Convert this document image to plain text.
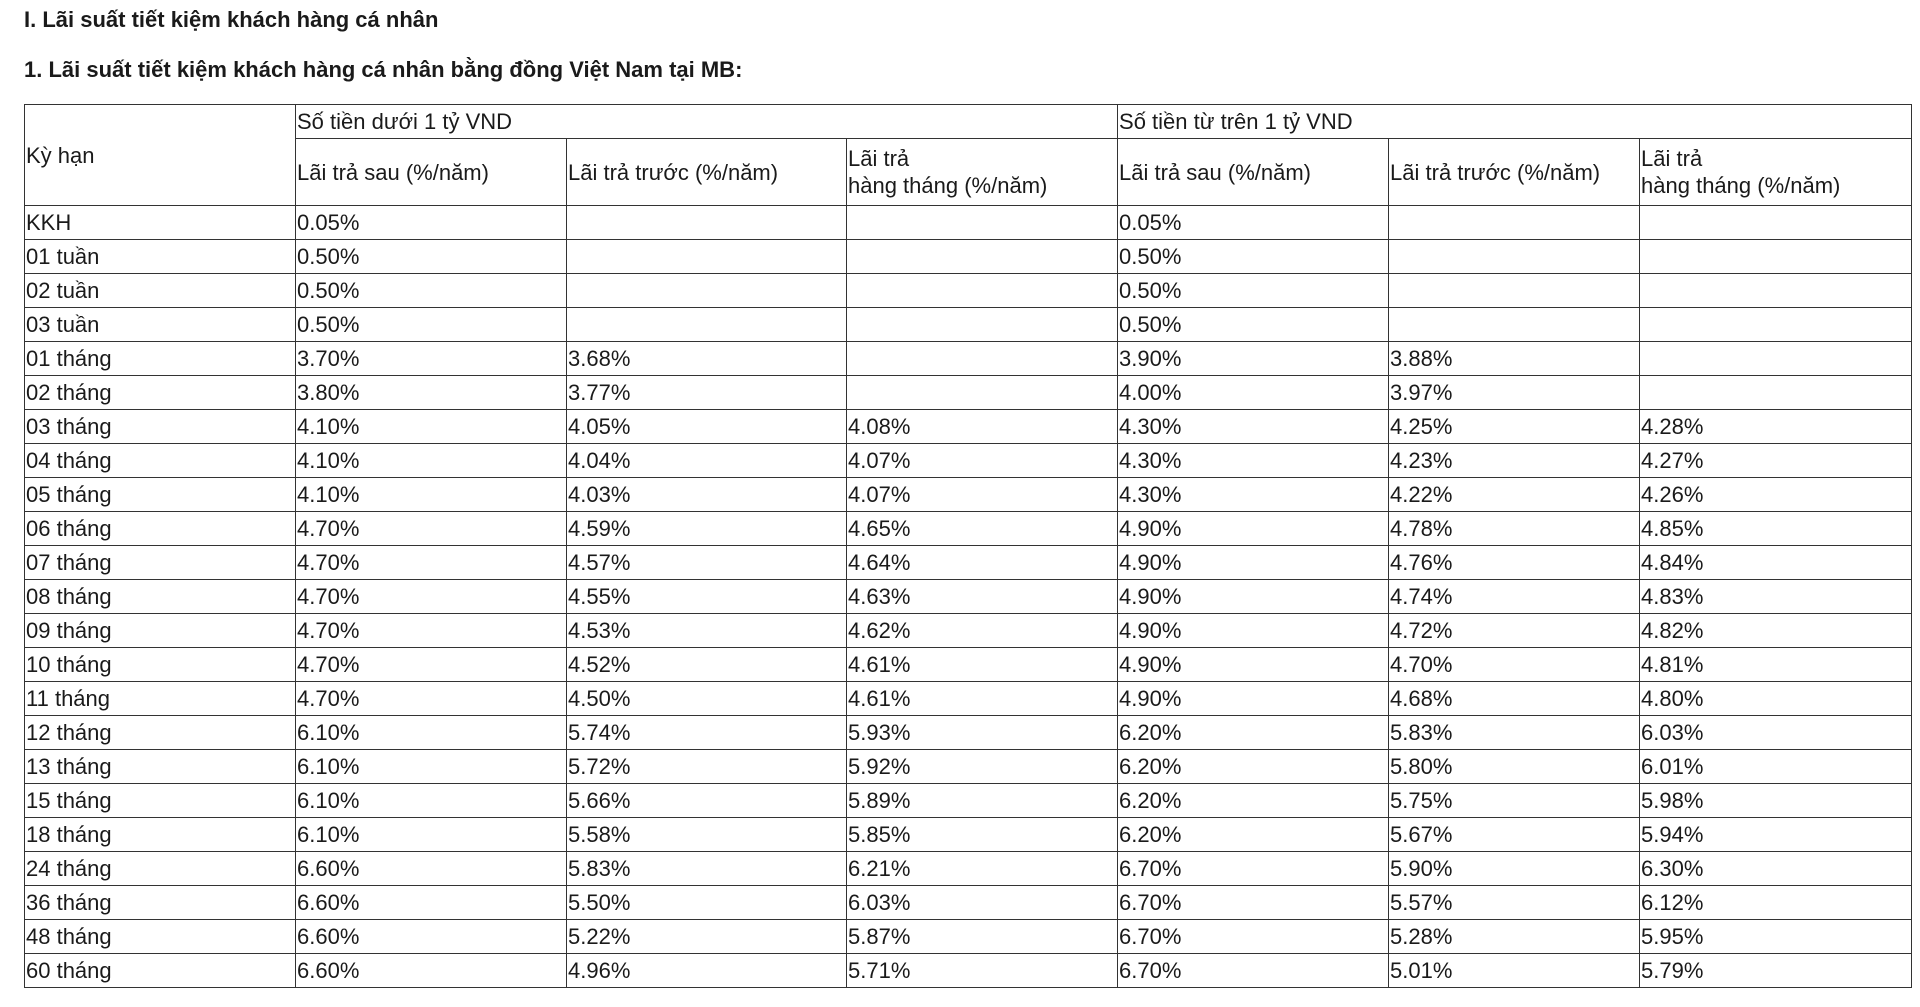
I. Lãi suất tiết kiệm khách hàng cá nhân
1. Lãi suất tiết kiệm khách hàng cá nhân bằng đồng Việt Nam tại MB:
Kỳ hạn	Số tiền dưới 1 tỷ VND			Số tiền từ trên 1 tỷ VND		
	Lãi trả sau (%/năm)	Lãi trả trước (%/năm)	Lãi trả
hàng tháng (%/năm)	Lãi trả sau (%/năm)	Lãi trả trước (%/năm)	Lãi trả
hàng tháng (%/năm)
KKH	0.05%			0.05%		
01 tuần	0.50%			0.50%		
02 tuần	0.50%			0.50%		
03 tuần	0.50%			0.50%		
01 tháng	3.70%	3.68%		3.90%	3.88%	
02 tháng	3.80%	3.77%		4.00%	3.97%	
03 tháng	4.10%	4.05%	4.08%	4.30%	4.25%	4.28%
04 tháng	4.10%	4.04%	4.07%	4.30%	4.23%	4.27%
05 tháng	4.10%	4.03%	4.07%	4.30%	4.22%	4.26%
06 tháng	4.70%	4.59%	4.65%	4.90%	4.78%	4.85%
07 tháng	4.70%	4.57%	4.64%	4.90%	4.76%	4.84%
08 tháng	4.70%	4.55%	4.63%	4.90%	4.74%	4.83%
09 tháng	4.70%	4.53%	4.62%	4.90%	4.72%	4.82%
10 tháng	4.70%	4.52%	4.61%	4.90%	4.70%	4.81%
11 tháng	4.70%	4.50%	4.61%	4.90%	4.68%	4.80%
12 tháng	6.10%	5.74%	5.93%	6.20%	5.83%	6.03%
13 tháng	6.10%	5.72%	5.92%	6.20%	5.80%	6.01%
15 tháng	6.10%	5.66%	5.89%	6.20%	5.75%	5.98%
18 tháng	6.10%	5.58%	5.85%	6.20%	5.67%	5.94%
24 tháng	6.60%	5.83%	6.21%	6.70%	5.90%	6.30%
36 tháng	6.60%	5.50%	6.03%	6.70%	5.57%	6.12%
48 tháng	6.60%	5.22%	5.87%	6.70%	5.28%	5.95%
60 tháng	6.60%	4.96%	5.71%	6.70%	5.01%	5.79%
